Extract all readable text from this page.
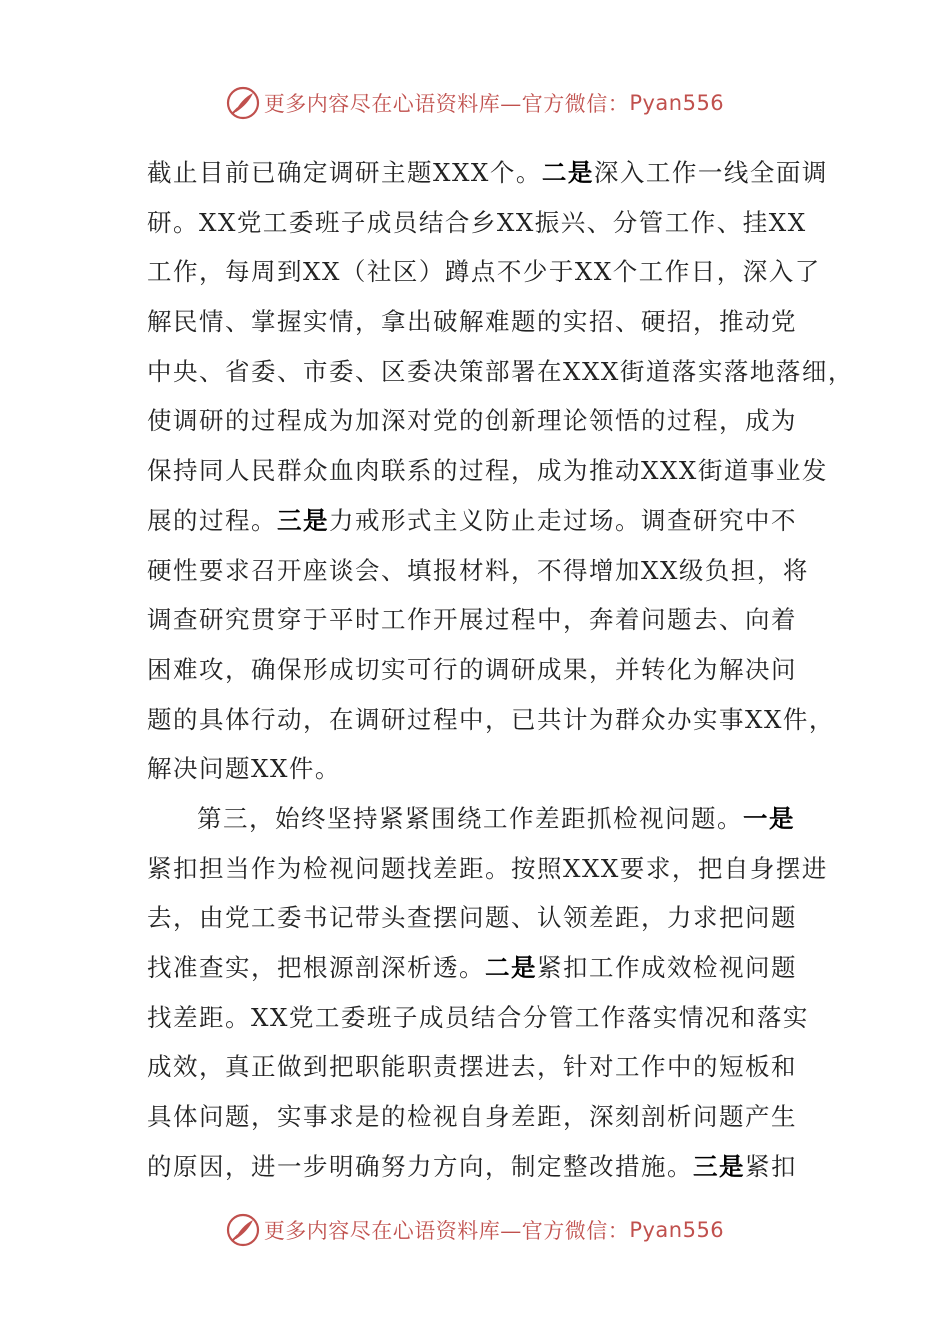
更多内容尽在心语资料库—官方微信： Pyan556
截止目前已确定调研主题XXX个。二是深入工作一线全面调
研。XX党工委班子成员结合乡XX振兴、分管工作、挂XX
工作，每周到XX（社区）蹲点不少于XX个工作日，深入了
解民情、掌握实情，拿出破解难题的实招、硬招，推动党
中央、省委、市委、区委决策部署在XXX街道落实落地落细，
使调研的过程成为加深对党的创新理论领悟的过程，成为
保持同人民群众血肉联系的过程，成为推动XXX街道事业发
展的过程。三是力戒形式主义防止走过场。调查研究中不
硬性要求召开座谈会、填报材料，不得增加XX级负担，将
调查研究贯穿于平时工作开展过程中，奔着问题去、向着
困难攻，确保形成切实可行的调研成果，并转化为解决问
题的具体行动，在调研过程中，已共计为群众办实事XX件，
解决问题XX件。
第三，始终坚持紧紧围绕工作差距抓检视问题。一是
紧扣担当作为检视问题找差距。按照XXX要求，把自身摆进
去，由党工委书记带头查摆问题、认领差距，力求把问题
找准查实，把根源剖深析透。二是紧扣工作成效检视问题
找差距。XX党工委班子成员结合分管工作落实情况和落实
成效，真正做到把职能职责摆进去，针对工作中的短板和
具体问题，实事求是的检视自身差距，深刻剖析问题产生
的原因，进一步明确努力方向，制定整改措施。三是紧扣
更多内容尽在心语资料库—官方微信： Pyan556
